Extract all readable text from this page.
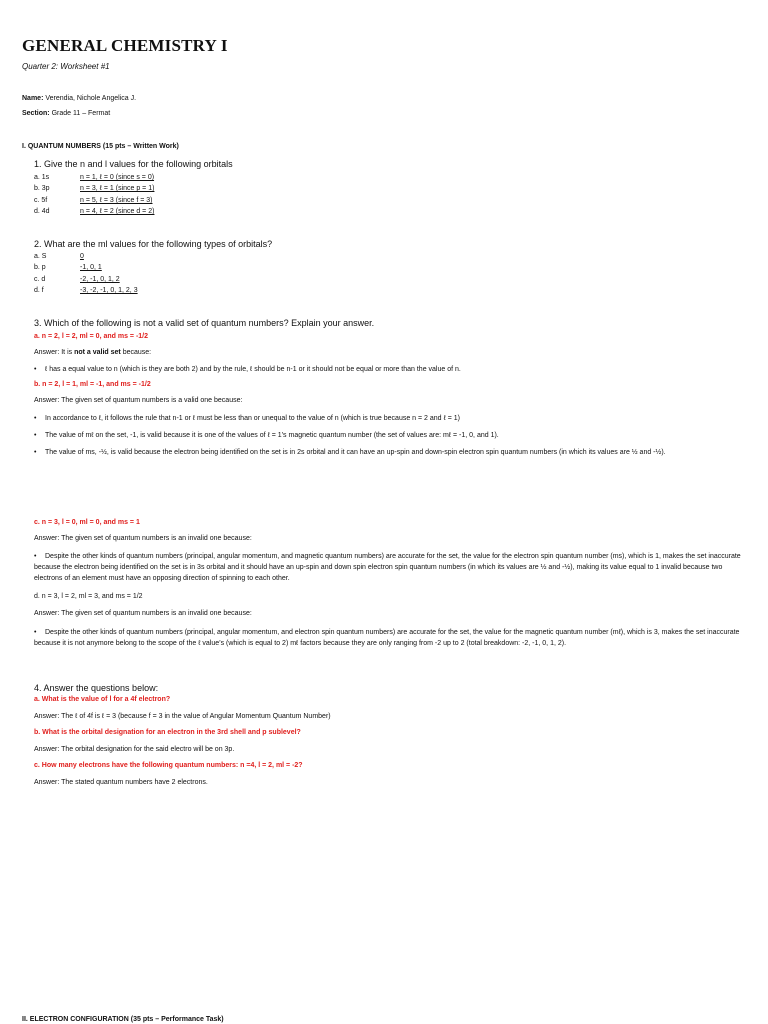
GENERAL CHEMISTRY I
Quarter 2: Worksheet #1
Name: Verendia, Nichole Angelica J.
Section: Grade 11 – Fermat
I. QUANTUM NUMBERS (15 pts – Written Work)
1. Give the n and l values for the following orbitals
a. 1s	n = 1, ℓ = 0 (since s = 0)
b. 3p	n = 3, ℓ = 1 (since p = 1)
c. 5f	n = 5, ℓ = 3 (since f = 3)
d. 4d	n = 4, ℓ = 2 (since d = 2)
2. What are the ml values for the following types of orbitals?
a. S	0
b. p	-1, 0, 1
c. d	-2, -1, 0, 1, 2
d. f	-3, -2, -1, 0, 1, 2, 3
3. Which of the following is not a valid set of quantum numbers? Explain your answer.
a. n = 2, l = 2, ml = 0, and ms = -1/2
Answer: It is not a valid set because:
• ℓ has a equal value to n (which is they are both 2) and by the rule, ℓ should be n-1 or it should not be equal or more than the value of n.
b. n = 2, l = 1, ml = -1, and ms = -1/2
Answer: The given set of quantum numbers is a valid one because:
• In accordance to ℓ, it follows the rule that n-1 or ℓ must be less than or unequal to the value of n (which is true because n = 2 and ℓ = 1)
• The value of mℓ on the set, -1, is valid because it is one of the values of ℓ = 1’s magnetic quantum number (the set of values are: mℓ = -1, 0, and 1).
• The value of ms, -½, is valid because the electron being identified on the set is in 2s orbital and it can have an up-spin and down-spin electron spin quantum numbers (in which its values are ½ and -½).
c. n = 3, l = 0, ml = 0, and ms = 1
Answer: The given set of quantum numbers is an invalid one because:
• Despite the other kinds of quantum numbers (principal, angular momentum, and magnetic quantum numbers) are accurate for the set, the value for the electron spin quantum number (ms), which is 1, makes the set inaccurate because the electron being identified on the set is in 3s orbital and it should have an up-spin and down spin electron spin quantum numbers (in which its values are ½ and -½), making its value equal to 1 invalid because two electrons of an element must have an opposing direction of spinning to each other.
d. n = 3, l = 2, ml = 3, and ms = 1/2
Answer: The given set of quantum numbers is an invalid one because:
• Despite the other kinds of quantum numbers (principal, angular momentum, and electron spin quantum numbers) are accurate for the set, the value for the magnetic quantum number (mℓ), which is 3, makes the set inaccurate because it is not anymore belong to the scope of the ℓ value’s (which is equal to 2) mℓ factors because they are only ranging from -2 up to 2 (total breakdown: -2, -1, 0, 1, 2).
4. Answer the questions below:
a. What is the value of l for a 4f electron?
Answer: The ℓ of 4f is ℓ = 3 (because f = 3 in the value of Angular Momentum Quantum Number)
b. What is the orbital designation for an electron in the 3rd shell and p sublevel?
Answer: The orbital designation for the said electro will be on 3p.
c. How many electrons have the following quantum numbers: n =4, l = 2, ml = -2?
Answer: The stated quantum numbers have 2 electrons.
II. ELECTRON CONFIGURATION (35 pts – Performance Task)
